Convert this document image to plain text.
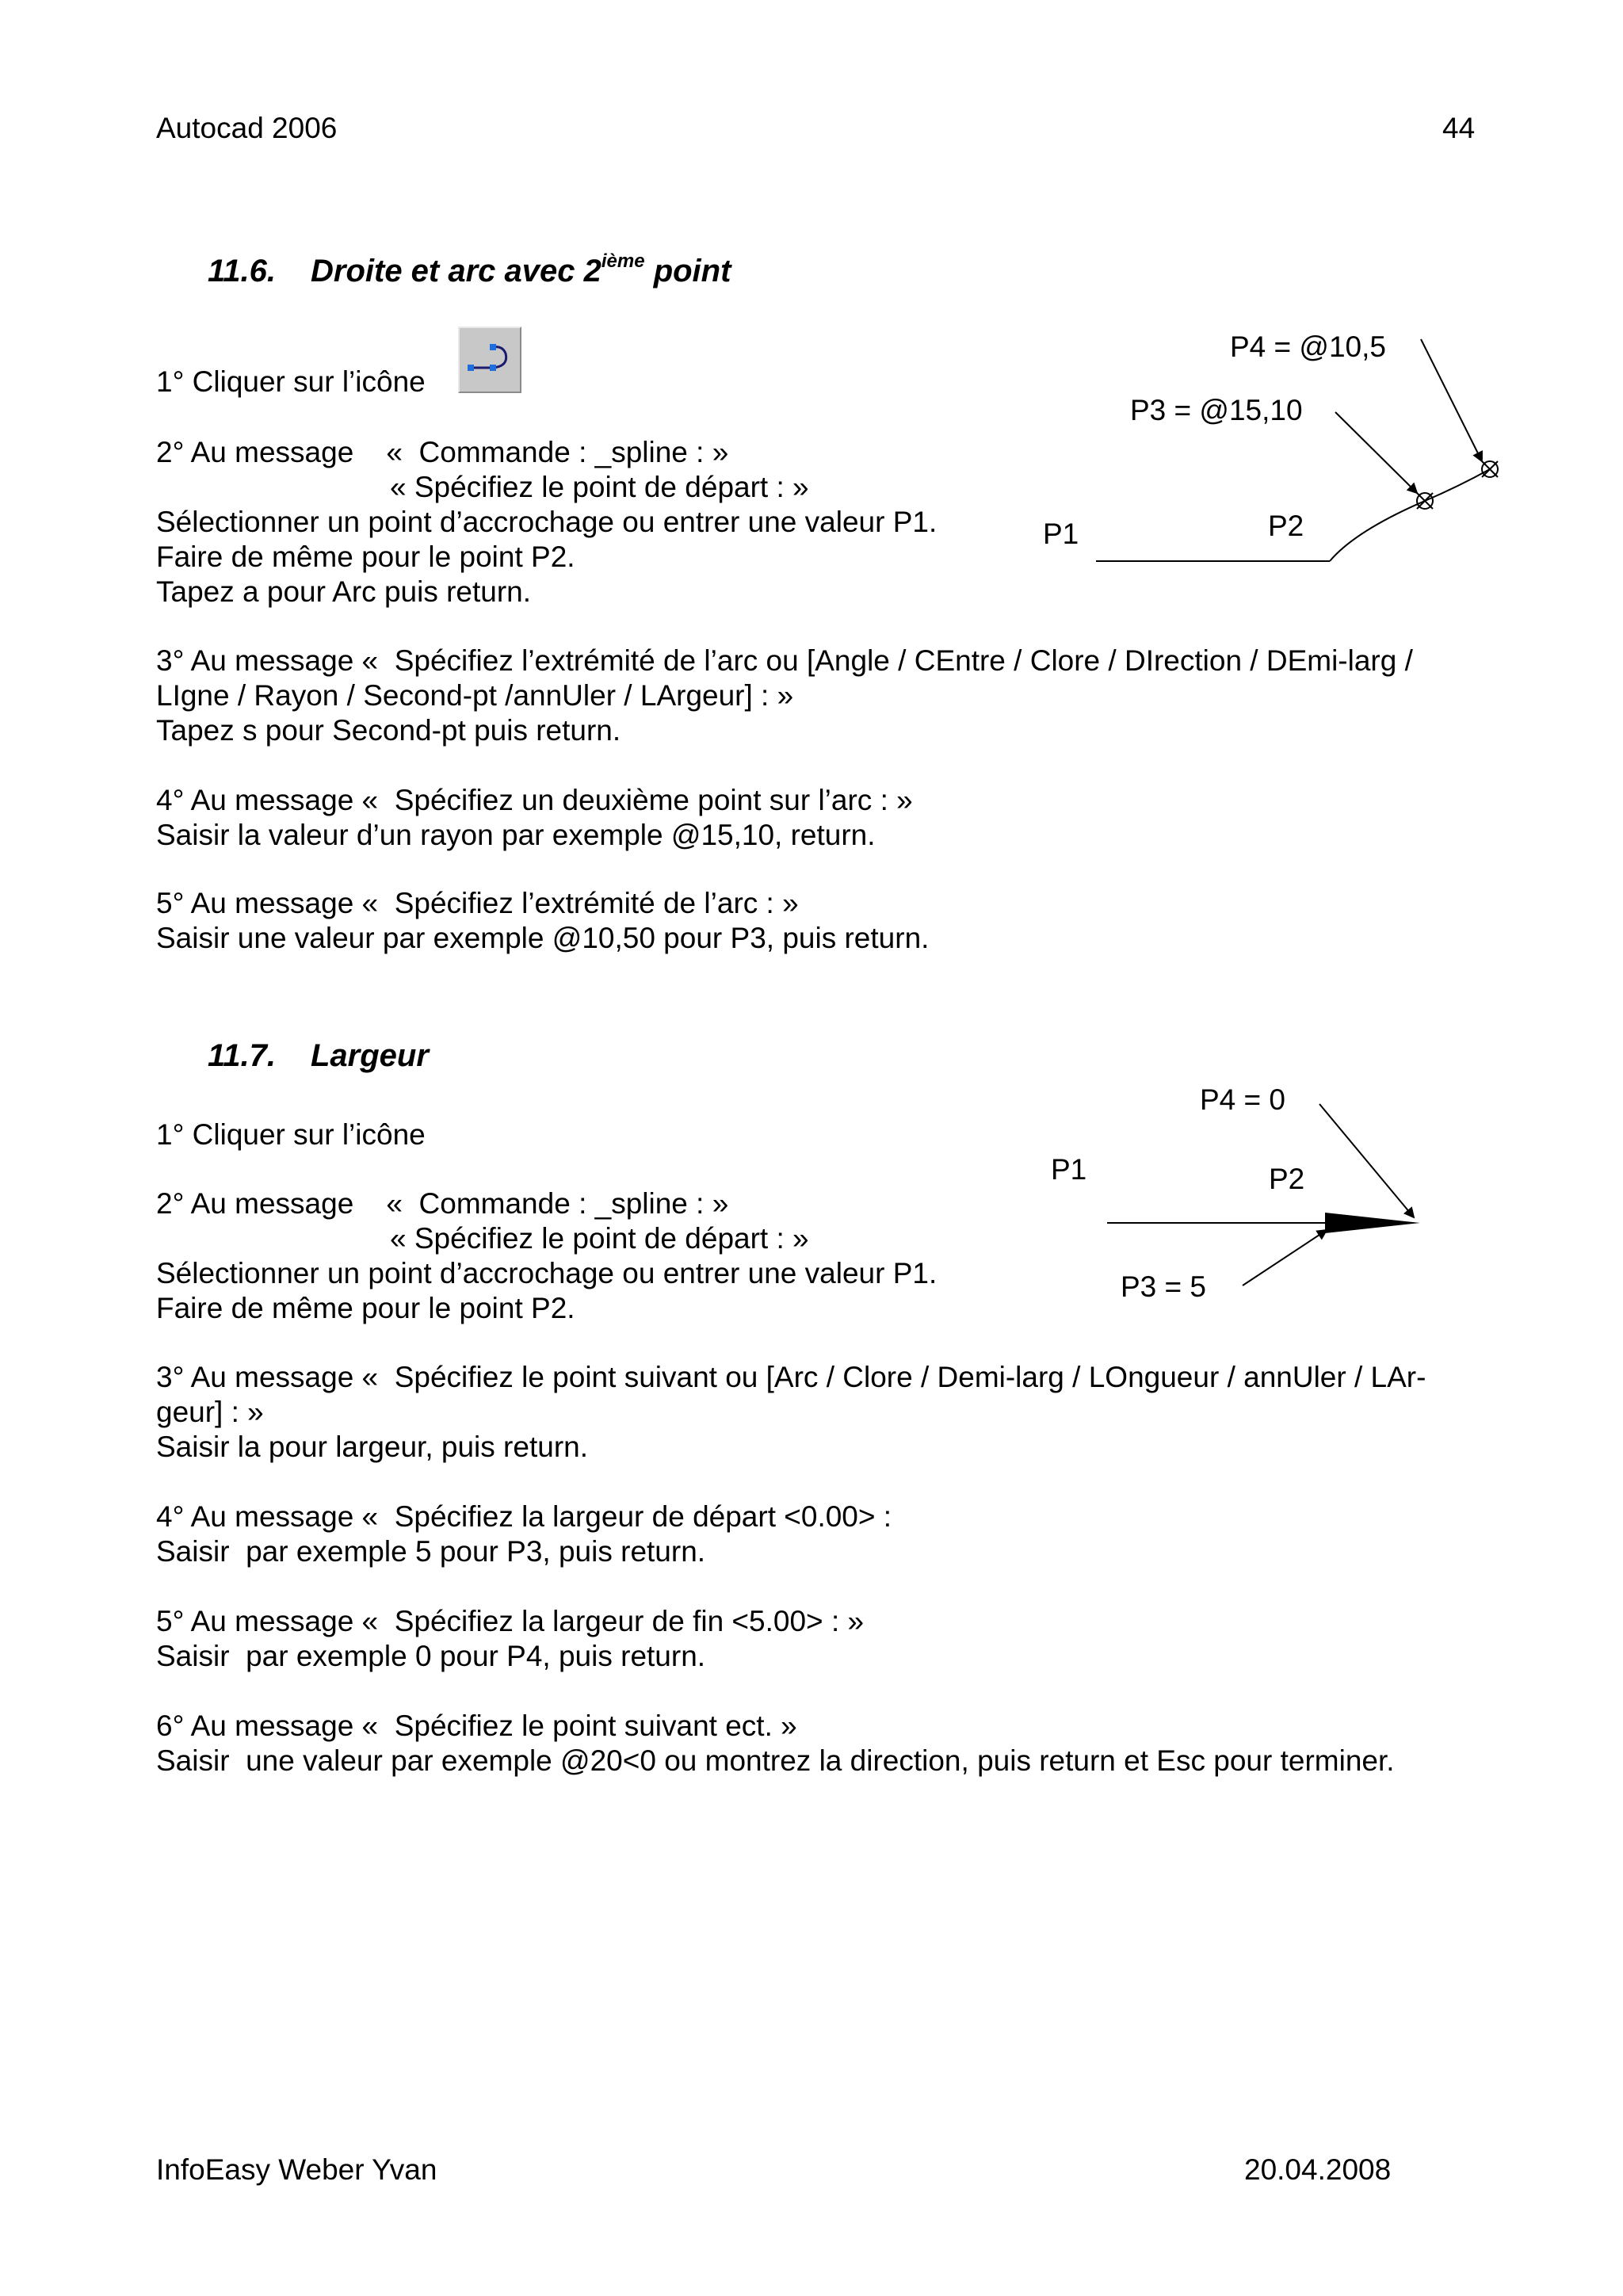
Autocad 2006	44
11.6. Droite et arc avec 2ième point
1° Cliquer sur l’icône
2° Au message    «  Commande : _spline : »
« Spécifiez le point de départ : »
Sélectionner un point d’accrochage ou entrer une valeur P1.
Faire de même pour le point P2.
Tapez a pour Arc puis return.
3° Au message «  Spécifiez l’extrémité de l’arc ou [Angle / CEntre / Clore / DIrection / DEmi-larg /
LIgne / Rayon / Second-pt /annUler / LArgeur] : »
Tapez s pour Second-pt puis return.
4° Au message «  Spécifiez un deuxième point sur l’arc : »
Saisir la valeur d’un rayon par exemple @15,10, return.
5° Au message «  Spécifiez l’extrémité de l’arc : »
Saisir une valeur par exemple @10,50 pour P3, puis return.
P4 = @10,5
P3 = @15,10
P1	P2
11.7. Largeur
1° Cliquer sur l’icône
2° Au message    «  Commande : _spline : »
« Spécifiez le point de départ : »
Sélectionner un point d’accrochage ou entrer une valeur P1.
Faire de même pour le point P2.
3° Au message «  Spécifiez le point suivant ou [Arc / Clore / Demi-larg / LOngueur / annUler / LAr-
geur] : »
Saisir la pour largeur, puis return.
4° Au message «  Spécifiez la largeur de départ <0.00> :
Saisir  par exemple 5 pour P3, puis return.
5° Au message «  Spécifiez la largeur de fin <5.00> : »
Saisir  par exemple 0 pour P4, puis return.
6° Au message «  Spécifiez le point suivant ect. »
Saisir  une valeur par exemple @20<0 ou montrez la direction, puis return et Esc pour terminer.
P4 = 0
P1	P2
P3 = 5
InfoEasy Weber Yvan	20.04.2008
